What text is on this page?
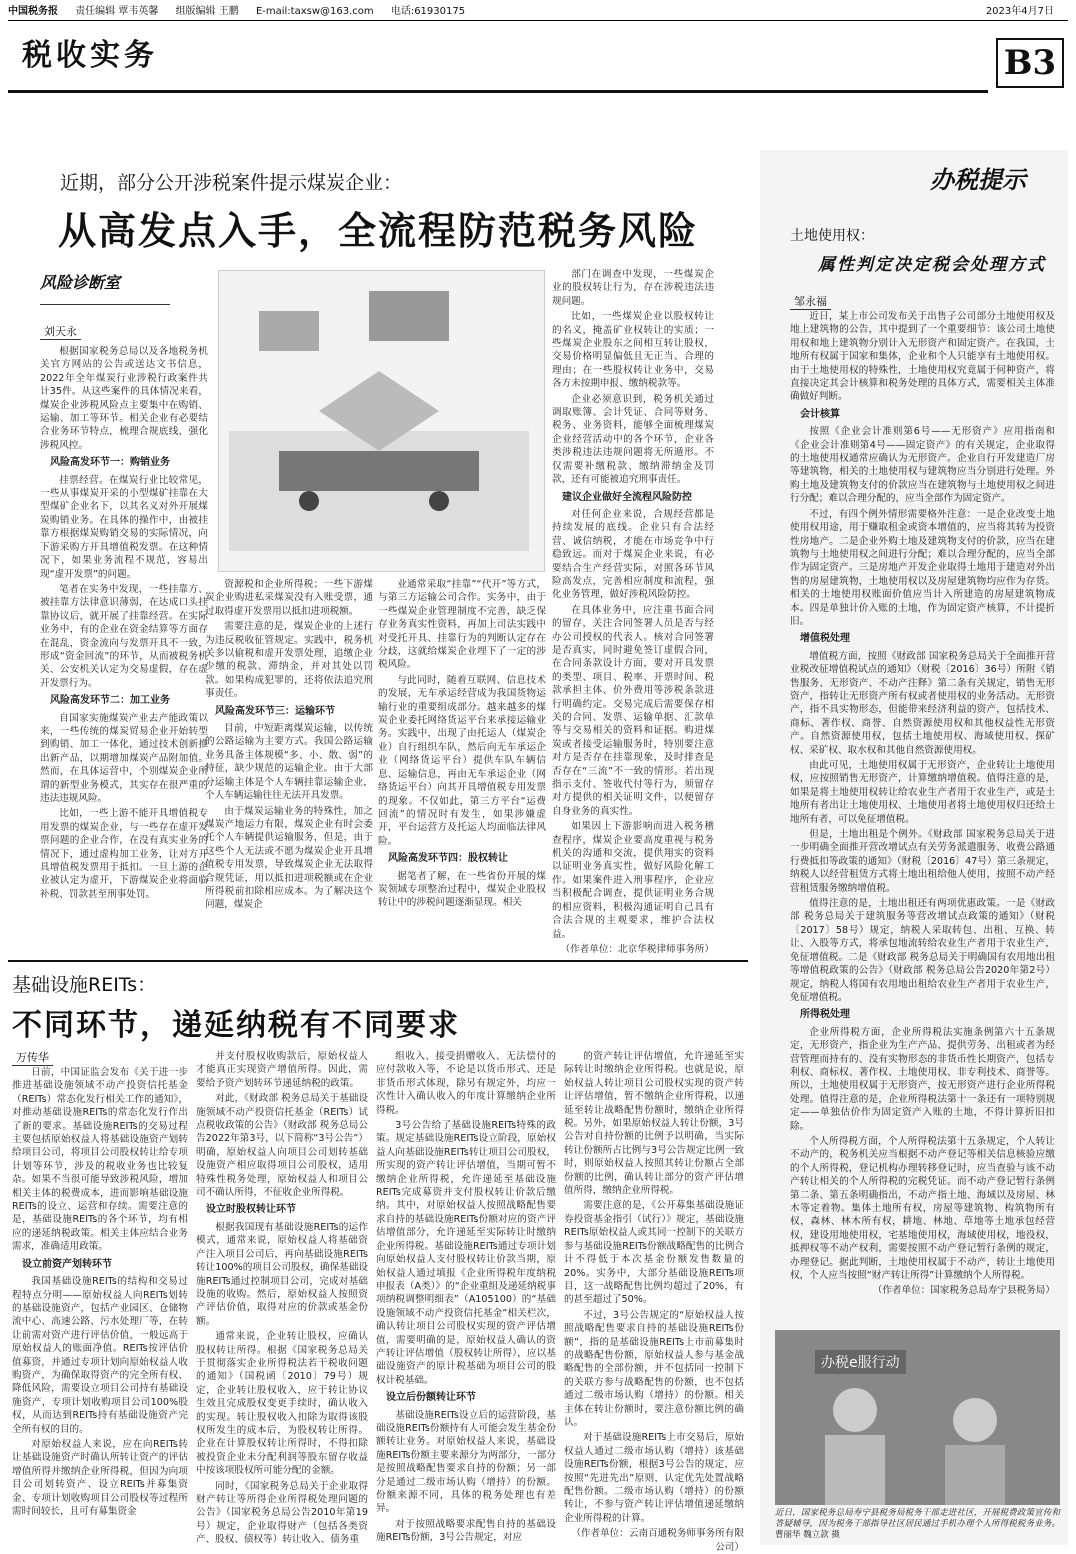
中国税务报 责任编辑 覃韦英馨 组版编辑 王鹏 E-mail:taxsw@163.com 电话:61930175	2023年4月7日
税收实务	B3
近期，部分公开涉税案件提示煤炭企业：
从高发点入手，全流程防范税务风险
风险诊断室
刘天永

根据国家税务总局以及各地税务机关官方网站的公告或送达文书信息，2022年全年煤炭行业涉税行政案件共计35件。从这些案件的具体情况来看，煤炭企业涉税风险点主要集中在购销、运输、加工等环节。相关企业有必要结合业务环节特点，梳理合规底线，强化涉税风控。

风险高发环节一：购销业务

挂票经营。在煤炭行业比较常见，一些从事煤炭开采的小型煤矿挂靠在大型煤矿企业名下，以其名义对外开展煤炭购销业务。在具体的操作中，由被挂靠方根据煤炭购销交易的实际情况，向下游采购方开具增值税发票。在这种情况下，如果业务流程不规范，容易出现“虚开发票”的问题。

笔者在实务中发现，一些挂靠方、被挂靠方法律意识薄弱，在达成口头挂靠协议后，就开展了挂靠经营。在实际业务中，有的企业在资金结算等方面存在混乱，资金流向与发票开具不一致，形成“资金回流”的环节，从而被税务机关、公安机关认定为交易虚假，存在虚开发票行为。

风险高发环节二：加工业务

自国家实施煤炭产业去产能政策以来，一些传统的煤炭贸易企业开始转型到购销、加工一体化，通过技术创新推出新产品，以期增加煤炭产品附加值。然而，在具体运营中，个别煤炭企业所谓的新型业务模式，其实存在很严重的违法违规风险。

比如，一些上游不能开具增值税专用发票的煤炭企业，与一些存在虚开发票问题的企业合作，在没有真实业务的情况下，通过虚构加工业务，让对方开具增值税发票用于抵扣。一旦上游的企业被认定为虚开，下游煤炭企业将面临补税、罚款甚至刑事处罚。

资源税和企业所得税；一些下游煤炭企业购进私采煤炭没有入账受票，通过取得虚开发票用以抵扣进项税额。

需要注意的是，煤炭企业的上述行为违反税收征管规定。实践中，税务机关多以偷税和虚开发票处理，追缴企业少缴的税款、滞纳金，并对其处以罚款。如果构成犯罪的，还将依法追究刑事责任。

风险高发环节三：运输环节

目前，中短距离煤炭运输，以传统的公路运输为主要方式。我国公路运输业务具备主体规模“多、小、散、弱”的特征，缺少规范的运输企业。由于大部分运输主体是个人车辆挂靠运输企业，个人车辆运输往往无法开具发票。

由于煤炭运输业务的特殊性，加之煤炭产地运力有限，煤炭企业有时会委托个人车辆提供运输服务，但是，由于这些个人无法或不愿为煤炭企业开具增值税专用发票，导致煤炭企业无法取得合规凭证，用以抵扣进项税额或在企业所得税前扣除相应成本。为了解决这个问题，煤炭企

业通常采取“挂靠”“代开”等方式，与第三方运输公司合作。实务中，由于一些煤炭企业管理制度不完善，缺乏保存业务真实性资料，再加上司法实践中对受托开具、挂靠行为的判断认定存在分歧，这就给煤炭企业埋下了一定的涉税风险。

与此同时，随着互联网、信息技术的发展，无车承运经营成为我国货物运输行业的重要组成部分。越来越多的煤炭企业委托网络货运平台来承接运输业务。实践中，出现了由托运人（煤炭企业）自行组织车队，然后向无车承运企业（网络货运平台）提供车队车辆信息、运输信息，再由无车承运企业（网络货运平台）向其开具增值税专用发票的现象。不仅如此，第三方平台“运费回流”的情况时有发生，如果涉嫌虚开，平台运营方及托运人均面临法律风险。

风险高发环节四：股权转让

据笔者了解，在一些省份开展的煤炭领域专项整治过程中，煤炭企业股权转让中的涉税问题逐渐显现。相关

部门在调查中发现，一些煤炭企业的股权转让行为，存在涉税违法违规问题。

比如，一些煤炭企业以股权转让的名义，掩盖矿业权转让的实质；一些煤炭企业股东之间相互转让股权，交易价格明显偏低且无正当、合理的理由；在一些股权转让业务中，交易各方未按期申报、缴纳税款等。

企业必须意识到，税务机关通过调取账簿、会计凭证、合同等财务、税务、业务资料，能够全面梳理煤炭企业经营活动中的各个环节，企业各类涉税违法违规问题将无所遁形。不仅需要补缴税款、缴纳滞纳金及罚款，还有可能被追究刑事责任。

建议企业做好全流程风险防控

对任何企业来说，合规经营都是持续发展的底线。企业只有合法经营、诚信纳税，才能在市场竞争中行稳致远。而对于煤炭企业来说，有必要结合生产经营实际，对照各环节风险高发点，完善相应制度和流程，强化业务管理，做好涉税风险防控。

在具体业务中，应注重书面合同的留存，关注合同签署人员是否与经办公司授权的代表人。核对合同签署是否真实，同时避免签订虚假合同，在合同条款设计方面，要对开具发票的类型、项目、税率、开票时间、税款承担主体、价外费用等涉税条款进行明确约定。交易完成后需要保存相关的合同、发票、运输单据、汇款单等与交易相关的资料和证据。购进煤炭或者接受运输服务时，特别要注意对方是否存在挂靠现象，及时排查是否存在“三流”不一致的情形。若出现指示支付、签收代付等行为，须留存对方提供的相关证明文件，以便留存自身业务的真实性。

如果因上下游影响而进入税务稽查程序，煤炭企业要高度重视与税务机关的沟通和交流，提供翔实的资料以证明业务真实性，做好风险化解工作。如果案件进入刑事程序，企业应当积极配合调查，提供证明业务合规的相应资料，积极沟通证明自己具有合法合规的主观要求，维护合法权益。

（作者单位：北京华税律师事务所）
基础设施REITs：
不同环节，递延纳税有不同要求
万传华

日前，中国证监会发布《关于进一步推进基础设施领域不动产投资信托基金（REITs）常态化发行相关工作的通知》，对推动基础设施REITs的常态化发行作出了新的要求。基础设施REITs的交易过程主要包括原始权益人将基础设施资产划转给项目公司，将项目公司股权转让给专项计划等环节，涉及的税收业务也比较复杂。如果不当很可能导致涉税风险，增加相关主体的税费成本，进而影响基础设施REITs的设立、运营和存续。需要注意的是，基础设施REITs的各个环节，均有相应的递延纳税政策。相关主体应结合业务需求，准确适用政策。

设立前资产划转环节

我国基础设施REITs的结构和交易过程特点分明——原始权益人向REITs划转的基础设施资产，包括产业园区、仓储物流中心、高速公路、污水处理厂等，在转让前需对资产进行评估价值，一般远高于原始权益人的账面净值。REITs按评估价值募资，并通过专项计划向原始权益人收购资产，为确保取得资产的完全所有权、降低风险，需要设立项目公司持有基础设施资产，专项计划收购项目公司100%股权，从而达到REITs持有基础设施资产完全所有权的目的。

对原始权益人来说，应在向REITs转让基础设施资产时确认所转让资产的评估增值所得并缴纳企业所得税，但因为向项目公司划转资产、设立REITs并募集资金、专项计划收购项目公司股权等过程所需时间较长，且可有募集资金

并支付股权收购款后，原始权益人才能真正实现资产增值所得。因此，需要给予资产划转环节递延纳税的政策。

对此，《财政部 税务总局关于基础设施领域不动产投资信托基金（REITs）试点税收政策的公告》（财政部 税务总局公告2022年第3号，以下简称“3号公告”）明确，原始权益人向项目公司划转基础设施资产相应取得项目公司股权，适用特殊性税务处理，原始权益人和项目公司不确认所得，不征收企业所得税。

设立时股权转让环节

根据我国现有基础设施REITs的运作模式，通常来说，原始权益人将基础资产注入项目公司后，再向基础设施REITs转让100%的项目公司股权，确保基础设施REITs通过控制项目公司，完成对基础设施的收购。然后，原始权益人按照资产评估价值，取得对应的价款或基金份额。

通常来说，企业转让股权，应确认股权转让所得。根据《国家税务总局关于贯彻落实企业所得税法若干税收问题的通知》（国税函〔2010〕79号）规定，企业转让股权收入，应于转让协议生效且完成股权变更手续时，确认收入的实现。转让股权收入扣除为取得该股权所发生的成本后，为股权转让所得。企业在计算股权转让所得时，不得扣除被投资企业未分配利润等股东留存收益中按该项股权所可能分配的金额。

同时，《国家税务总局关于企业取得财产转让等所得企业所得税处理问题的公告》（国家税务总局公告2010年第19号）规定，企业取得财产（包括各类资产、股权、债权等）转让收入、债务重

组收入、接受捐赠收入、无法偿付的应付款收入等，不论是以货币形式、还是非货币形式体现，除另有规定外，均应一次性计入确认收入的年度计算缴纳企业所得税。

3号公告给了基础设施REITs特殊的政策。规定基础设施REITs设立阶段，原始权益人向基础设施REITs转让项目公司股权，所实现的资产转让评估增值，当期可暂不缴纳企业所得税，允许递延至基础设施REITs完成募资并支付股权转让价款后缴纳。其中，对原始权益人按照战略配售要求自持的基础设施REITs份额对应的资产评估增值部分，允许递延至实际转让时缴纳企业所得税。基础设施REITs通过专项计划向原始权益人支付股权转让价款当期，原始权益人通过填报《企业所得税年度纳税申报表（A类）》的“企业重组及递延纳税事项纳税调整明细表”（A105100）的“基础设施领域不动产投资信托基金”相关栏次，确认转让项目公司股权实现的资产评估增值，需要明确的是，原始权益人确认的资产转让评估增值（股权转让所得），应以基础设施资产的原计税基础为项目公司的股权计税基础。

设立后份额转让环节

基础设施REITs设立后的运营阶段，基础设施REITs份额持有人可能会发生基金份额转让业务。对原始权益人来说，基础设施REITs份额主要来源分为两部分，一部分是按照战略配售要求自持的份额；另一部分是通过二级市场认购（增持）的份额。份额来源不同，具体的税务处理也有差异。

对于按照战略要求配售自持的基础设施REITs份额，3号公告规定，对应

的资产转让评估增值，允许递延至实际转让时缴纳企业所得税。也就是说，原始权益人转让项目公司股权实现的资产转让评估增值，暂不缴纳企业所得税，以递延至转让战略配售份额时，缴纳企业所得税。另外，如果原始权益人转让份额，3号公告对自持份额的比例予以明确，当实际转让份额所占比例与3号公告规定比例一致时，则原始权益人按照其转让份额占全部份额的比例，确认转让部分的资产评估增值所得，缴纳企业所得税。

需要注意的是，《公开募集基础设施证券投资基金指引（试行）》规定，基础设施REITs原始权益人或其同一控制下的关联方参与基础设施REITs份额战略配售的比例合计不得低于本次基金份额发售数量的20%。实务中，大部分基础设施REITs项目，这一战略配售比例均超过了20%，有的甚至超过了50%。

不过，3号公告规定的“原始权益人按照战略配售要求自持的基础设施REITs份额”，指的是基础设施REITs上市前募集时的战略配售份额，原始权益人参与基金战略配售的全部份额，并不包括同一控制下的关联方参与战略配售的份额，也不包括通过二级市场认购（增持）的份额。相关主体在转让份额时，要注意份额比例的确认。

对于基础设施REITs上市交易后，原始权益人通过二级市场认购（增持）该基础设施REITs份额，根据3号公告的规定，应按照“先进先出”原则，认定优先处置战略配售份额。二级市场认购（增持）的份额转让，不参与资产转让评估增值递延缴纳企业所得税的计算。

（作者单位：云南百通税务师事务所有限公司）
办税提示
土地使用权：
属性判定决定税会处理方式
邹永福

近日，某上市公司发布关于出售子公司部分土地使用权及地上建筑物的公告，其中提到了一个重要细节：该公司土地使用权和地上建筑物分别计入无形资产和固定资产。在我国，土地所有权属于国家和集体，企业和个人只能享有土地使用权。由于土地使用权的特殊性，土地使用权究竟属于何种资产，将直接决定其会计核算和税务处理的具体方式，需要相关主体准确做好判断。

会计核算

按照《企业会计准则第6号——无形资产》应用指南和《企业会计准则第4号——固定资产》的有关规定，企业取得的土地使用权通常应确认为无形资产。企业自行开发建造厂房等建筑物，相关的土地使用权与建筑物应当分别进行处理。外购土地及建筑物支付的价款应当在建筑物与土地使用权之间进行分配；难以合理分配的，应当全部作为固定资产。

不过，有四个例外情形需要格外注意：一是企业改变土地使用权用途，用于赚取租金或资本增值的，应当将其转为投资性房地产。二是企业外购土地及建筑物支付的价款，应当在建筑物与土地使用权之间进行分配；难以合理分配的，应当全部作为固定资产。三是房地产开发企业取得土地用于建造对外出售的房屋建筑物，土地使用权以及房屋建筑物均应作为存货。相关的土地使用权账面价值应当计入所建造的房屋建筑物成本。四是单独计价入账的土地，作为固定资产核算，不计提折旧。

增值税处理

增值税方面，按照《财政部 国家税务总局关于全面推开营业税改征增值税试点的通知》（财税〔2016〕36号）所附《销售服务、无形资产、不动产注释》第二条有关规定，销售无形资产，指转让无形资产所有权或者使用权的业务活动。无形资产，指不具实物形态，但能带来经济利益的资产，包括技术、商标、著作权、商誉、自然资源使用权和其他权益性无形资产。自然资源使用权，包括土地使用权、海域使用权、探矿权、采矿权、取水权和其他自然资源使用权。

由此可见，土地使用权属于无形资产，企业转让土地使用权，应按照销售无形资产，计算缴纳增值税。值得注意的是，如果是将土地使用权转让给农业生产者用于农业生产，或是土地所有者出让土地使用权、土地使用者将土地使用权归还给土地所有者，可以免征增值税。

但是，土地出租是个例外。《财政部 国家税务总局关于进一步明确全面推开营改增试点有关劳务派遣服务、收费公路通行费抵扣等政策的通知》（财税〔2016〕47号）第三条规定，纳税人以经营租赁方式将土地出租给他人使用，按照不动产经营租赁服务缴纳增值税。

值得注意的是，土地出租还有两项优惠政策。一是《财政部 税务总局关于建筑服务等营改增试点政策的通知》（财税〔2017〕58号）规定，纳税人采取转包、出租、互换、转让、入股等方式，将承包地流转给农业生产者用于农业生产，免征增值税。二是《财政部 税务总局关于明确国有农用地出租等增值税政策的公告》（财政部 税务总局公告2020年第2号）规定，纳税人将国有农用地出租给农业生产者用于农业生产，免征增值税。

所得税处理

企业所得税方面，企业所得税法实施条例第六十五条规定，无形资产，指企业为生产产品、提供劳务、出租或者为经营管理而持有的、没有实物形态的非货币性长期资产，包括专利权、商标权、著作权、土地使用权、非专利技术、商誉等。所以，土地使用权属于无形资产，按无形资产进行企业所得税处理。值得注意的是，企业所得税法第十一条还有一项特别规定——单独估价作为固定资产入账的土地，不得计算折旧扣除。

个人所得税方面，个人所得税法第十五条规定，个人转让不动产的，税务机关应当根据不动产登记等相关信息核验应缴的个人所得税，登记机构办理转移登记时，应当查验与该不动产转让相关的个人所得税的完税凭证。而不动产登记暂行条例第二条、第五条明确指出，不动产指土地、海域以及房屋、林木等定着物。集体土地所有权，房屋等建筑物、构筑物所有权，森林、林木所有权，耕地、林地、草地等土地承包经营权，建设用地使用权，宅基地使用权，海域使用权，地役权，抵押权等不动产权利，需要按照不动产登记暂行条例的规定，办理登记。据此判断，土地使用权属于不动产，转让土地使用权，个人应当按照“财产转让所得”计算缴纳个人所得税。

（作者单位：国家税务总局寿宁县税务局）
办税e服行动
近日，国家税务总局寿宁县税务局税务干部走进社区，开展税费政策宣传和答疑辅导，因为税务干部指导社区居民通过手机办理个人所得税税务业务。 曹丽华 魏立款 摄
